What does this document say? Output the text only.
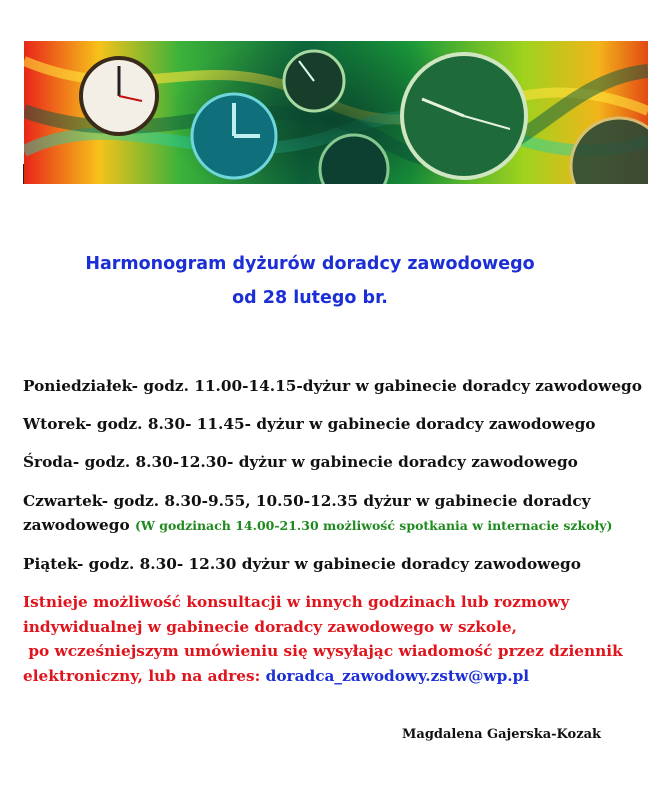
Harmonogram dyżurów doradcy zawodowego
od 28 lutego br.
Poniedziałek- godz. 11.00-14.15-dyżur w gabinecie doradcy zawodowego
Wtorek- godz. 8.30- 11.45- dyżur w gabinecie doradcy zawodowego
Środa- godz. 8.30-12.30- dyżur w gabinecie doradcy zawodowego
Czwartek- godz. 8.30-9.55, 10.50-12.35 dyżur w gabinecie doradcy
zawodowego (W godzinach 14.00-21.30 możliwość spotkania w internacie szkoły)
Piątek- godz. 8.30- 12.30 dyżur w gabinecie doradcy zawodowego
Istnieje możliwość konsultacji w innych godzinach lub rozmowy
indywidualnej w gabinecie doradcy zawodowego w szkole,
po wcześniejszym umówieniu się wysyłając wiadomość przez dziennik
elektroniczny, lub na adres: doradca_zawodowy.zstw@wp.pl
Magdalena Gajerska-Kozak
